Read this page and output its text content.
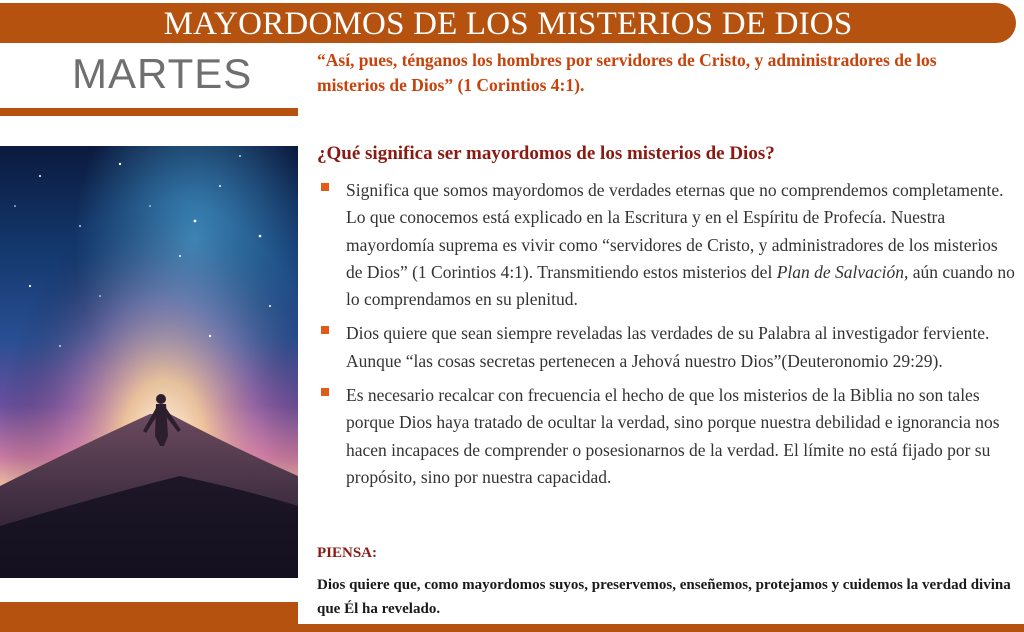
MAYORDOMOS DE LOS MISTERIOS DE DIOS
MARTES	“Así, pues, ténganos los hombres por servidores de Cristo, y administradores de los misterios de Dios” (1 Corintios 4:1).
¿Qué significa ser mayordomos de los misterios de Dios?
Significa que somos mayordomos de verdades eternas que no comprendemos completamente. Lo que conocemos está explicado en la Escritura y en el Espíritu de Profecía. Nuestra mayordomía suprema es vivir como “servidores de Cristo, y administradores de los misterios de Dios” (1 Corintios 4:1). Transmitiendo estos misterios del Plan de Salvación, aún cuando no lo comprendamos en su plenitud.
Dios quiere que sean siempre reveladas las verdades de su Palabra al investigador ferviente. Aunque “las cosas secretas pertenecen a Jehová nuestro Dios”(Deuteronomio 29:29).
Es necesario recalcar con frecuencia el hecho de que los misterios de la Biblia no son tales porque Dios haya tratado de ocultar la verdad, sino porque nuestra debilidad e ignorancia nos hacen incapaces de comprender o posesionarnos de la verdad. El límite no está fijado por su propósito, sino por nuestra capacidad.
PIENSA:
Dios quiere que, como mayordomos suyos, preservemos, enseñemos, protejamos y cuidemos la verdad divina que Él ha revelado.
